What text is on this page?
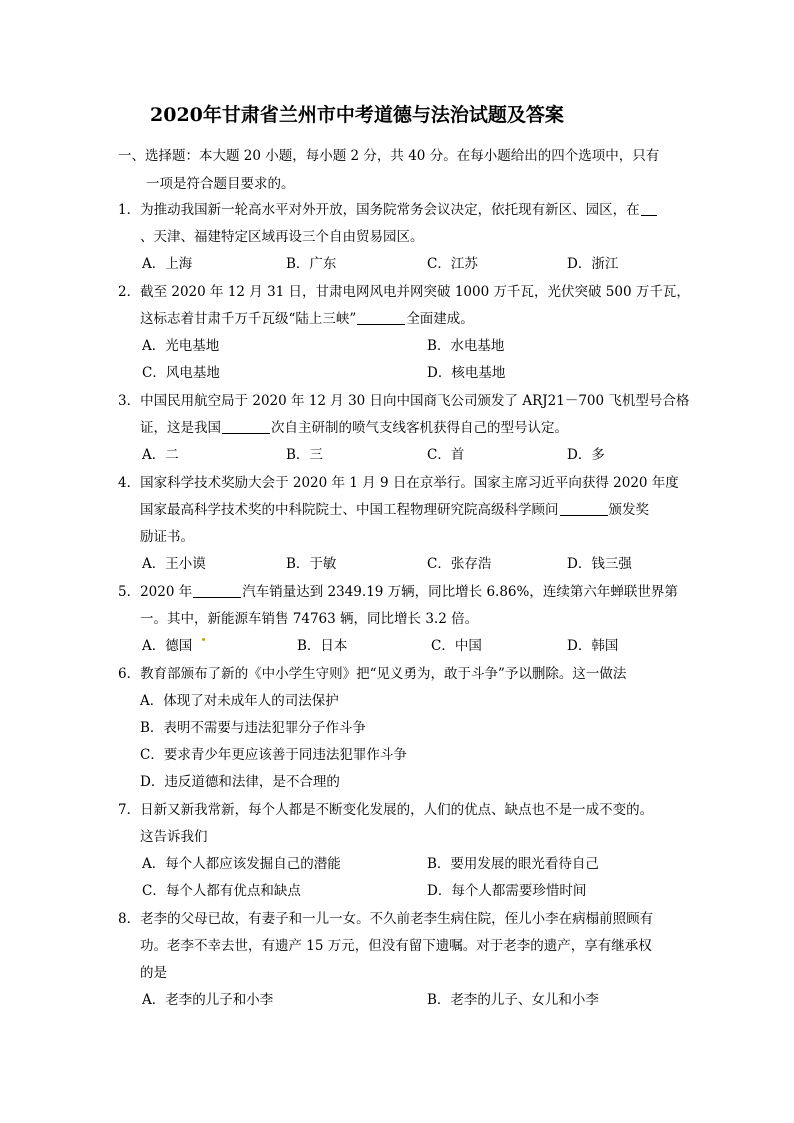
2020年甘肃省兰州市中考道德与法治试题及答案
一、选择题：本大题 20 小题，每小题 2 分，共 40 分。在每小题给出的四个选项中，只有
一项是符合题目要求的。
1．为推动我国新一轮高水平对外开放，国务院常务会议决定，依托现有新区、园区，在
、天津、福建特定区域再设三个自由贸易园区。
A．上海	B．广东	C．江苏	D．浙江
2．截至 2020 年 12 月 31 日，甘肃电网风电并网突破 1000 万千瓦，光伏突破 500 万千瓦，
这标志着甘肃千万千瓦级“陆上三峡”	全面建成。
A．光电基地	B．水电基地
C．风电基地	D．核电基地
3．中国民用航空局于 2020 年 12 月 30 日向中国商飞公司颁发了 ARJ21－700 飞机型号合格
证，这是我国	次自主研制的喷气支线客机获得自己的型号认定。
A．二	B．三	C．首	D．多
4．国家科学技术奖励大会于 2020 年 1 月 9 日在京举行。国家主席习近平向获得 2020 年度
国家最高科学技术奖的中科院院士、中国工程物理研究院高级科学顾问	颁发奖
励证书。
A．王小谟	B．于敏	C．张存浩	D．钱三强
5．2020 年	汽车销量达到 2349.19 万辆，同比增长 6.86%，连续第六年蝉联世界第
一。其中，新能源车销售 74763 辆，同比增长 3.2 倍。
A．德国	B．日本	C．中国	D．韩国
6．教育部颁布了新的《中小学生守则》把“见义勇为，敢于斗争”予以删除。这一做法
A．体现了对未成年人的司法保护
B．表明不需要与违法犯罪分子作斗争
C．要求青少年更应该善于同违法犯罪作斗争
D．违反道德和法律，是不合理的
7．日新又新我常新，每个人都是不断变化发展的，人们的优点、缺点也不是一成不变的。
这告诉我们
A．每个人都应该发掘自己的潜能	B．要用发展的眼光看待自己
C．每个人都有优点和缺点	D．每个人都需要珍惜时间
8．老李的父母已故，有妻子和一儿一女。不久前老李生病住院，侄儿小李在病榻前照顾有
功。老李不幸去世，有遗产 15 万元，但没有留下遗嘱。对于老李的遗产，享有继承权
的是
A．老李的儿子和小李	B．老李的儿子、女儿和小李
